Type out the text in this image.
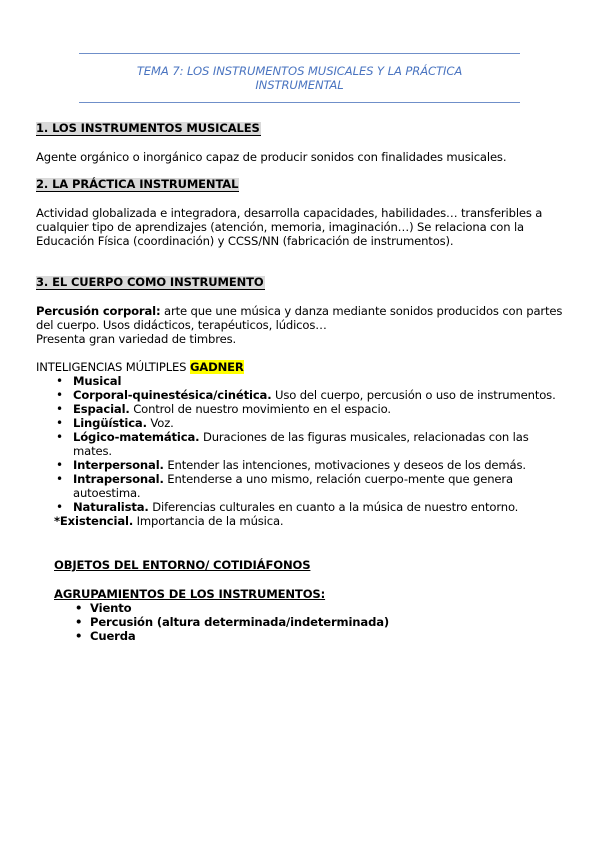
TEMA 7: LOS INSTRUMENTOS MUSICALES Y LA PRÁCTICA
INSTRUMENTAL
1. LOS INSTRUMENTOS MUSICALES
Agente orgánico o inorgánico capaz de producir sonidos con finalidades musicales.
2. LA PRÁCTICA INSTRUMENTAL
Actividad globalizada e integradora, desarrolla capacidades, habilidades… transferibles a cualquier tipo de aprendizajes (atención, memoria, imaginación…) Se relaciona con la Educación Física (coordinación) y CCSS/NN (fabricación de instrumentos).
3. EL CUERPO COMO INSTRUMENTO
Percusión corporal: arte que une música y danza mediante sonidos producidos con partes del cuerpo. Usos didácticos, terapéuticos, lúdicos…
Presenta gran variedad de timbres.
INTELIGENCIAS MÚLTIPLES GADNER
• Musical
• Corporal-quinestésica/cinética. Uso del cuerpo, percusión o uso de instrumentos.
• Espacial. Control de nuestro movimiento en el espacio.
• Lingüística. Voz.
• Lógico-matemática. Duraciones de las figuras musicales, relacionadas con las mates.
• Interpersonal. Entender las intenciones, motivaciones y deseos de los demás.
• Intrapersonal. Entenderse a uno mismo, relación cuerpo-mente que genera autoestima.
• Naturalista. Diferencias culturales en cuanto a la música de nuestro entorno.
*Existencial. Importancia de la música.
OBJETOS DEL ENTORNO/ COTIDIÁFONOS
AGRUPAMIENTOS DE LOS INSTRUMENTOS:
• Viento
• Percusión (altura determinada/indeterminada)
• Cuerda
